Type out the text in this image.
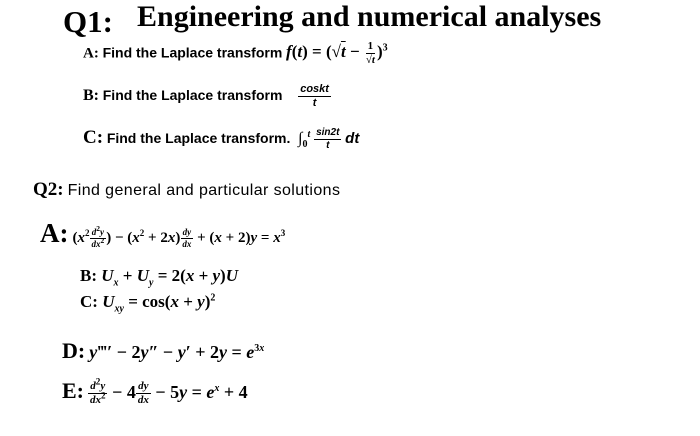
Q1: Engineering and numerical analyses
A: Find the Laplace transform $f(t) = (√t - \frac{1}{√t} )^3$
B: Find the Laplace transform $\frac{\text{coskt}}{t}$
C: Find the Laplace transform. $\int_0^t \frac{\sin 2t}{t}$ dt
Q2: Find general and particular solutions
A: ($x^2 \frac{d^2y}{dx^2}$ ) − $(x^2 + 2x) \frac{dy}{dx} + (x + 2)y = x^3$
B: $U_x + U_y = 2(x + y)U$
C: $U_{xy} = \cos(x + y)^2$
D: y‴′ − $2y'' - y' + 2y = e^{3x}$
E: $\frac{d^2y}{dx^2} - 4 \frac{dy}{dx} - 5y = e^x + 4$
